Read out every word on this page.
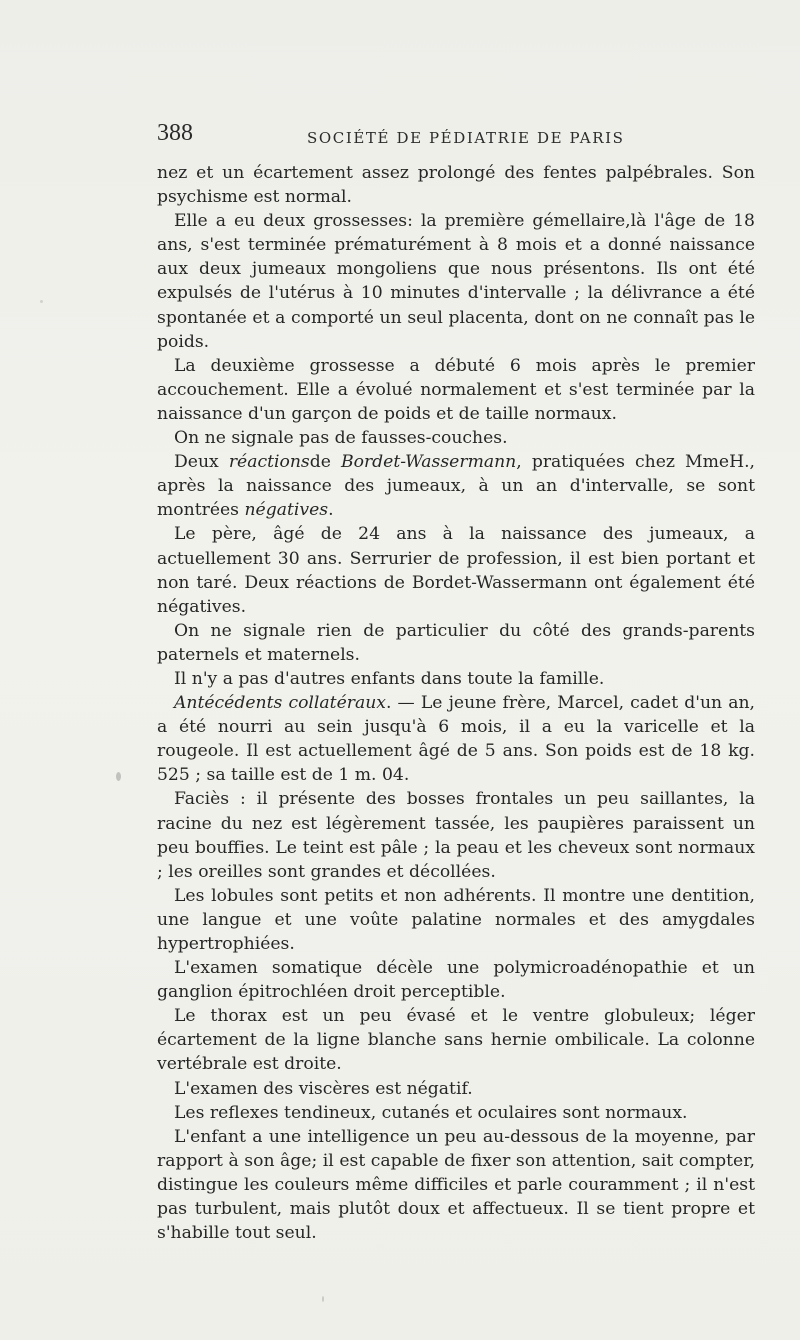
388	SOCIÉTÉ DE PÉDIATRIE DE PARIS

nez et un écartement assez prolongé des fentes palpébrales. Son psychisme est normal.

Elle a eu deux grossesses: la première gémellaire,là l'âge de 18 ans, s'est terminée prématurément à 8 mois et a donné naissance aux deux jumeaux mongoliens que nous présentons. Ils ont été expulsés de l'utérus à 10 minutes d'intervalle ; la délivrance a été spontanée et a comporté un seul placenta, dont on ne connaît pas le poids.

La deuxième grossesse a débuté 6 mois après le premier accouchement. Elle a évolué normalement et s'est terminée par la naissance d'un garçon de poids et de taille normaux.

On ne signale pas de fausses-couches.

Deux réactionsde Bordet-Wassermann, pratiquées chez MmeH., après la naissance des jumeaux, à un an d'intervalle, se sont montrées négatives.

Le père, âgé de 24 ans à la naissance des jumeaux, a actuellement 30 ans. Serrurier de profession, il est bien portant et non taré. Deux réactions de Bordet-Wassermann ont également été négatives.

On ne signale rien de particulier du côté des grands-parents paternels et maternels.

Il n'y a pas d'autres enfants dans toute la famille.

Antécédents collatéraux. — Le jeune frère, Marcel, cadet d'un an, a été nourri au sein jusqu'à 6 mois, il a eu la varicelle et la rougeole. Il est actuellement âgé de 5 ans. Son poids est de 18 kg. 525 ; sa taille est de 1 m. 04.

Faciès : il présente des bosses frontales un peu saillantes, la racine du nez est légèrement tassée, les paupières paraissent un peu bouffies. Le teint est pâle ; la peau et les cheveux sont normaux ; les oreilles sont grandes et décollées.

Les lobules sont petits et non adhérents. Il montre une dentition, une langue et une voûte palatine normales et des amygdales hypertrophiées.

L'examen somatique décèle une polymicroadénopathie et un ganglion épitrochléen droit perceptible.

Le thorax est un peu évasé et le ventre globuleux; léger écartement de la ligne blanche sans hernie ombilicale. La colonne vertébrale est droite.

L'examen des viscères est négatif.

Les reflexes tendineux, cutanés et oculaires sont normaux.

L'enfant a une intelligence un peu au-dessous de la moyenne, par rapport à son âge; il est capable de fixer son attention, sait compter, distingue les couleurs même difficiles et parle couramment ; il n'est pas turbulent, mais plutôt doux et affectueux. Il se tient propre et s'habille tout seul.
